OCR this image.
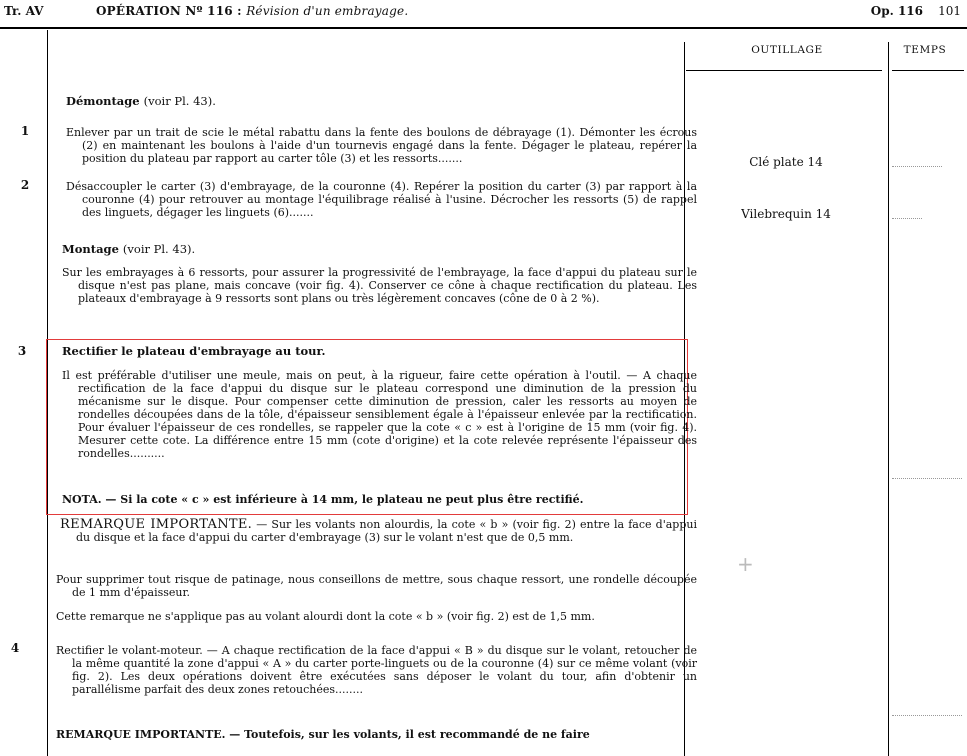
Tr. AV	OPÉRATION Nº 116 : Révision d'un embrayage.	Op. 116 101
OUTILLAGE	TEMPS
Démontage (voir Pl. 43).
1	Enlever par un trait de scie le métal rabattu dans la fente des boulons de débrayage (1). Démonter les écrous (2) en maintenant les boulons à l'aide d'un tournevis engagé dans la fente. Dégager le plateau, repérer la position du plateau par rapport au carter tôle (3) et les ressorts.......	Clé plate 14
2	Désaccoupler le carter (3) d'embrayage, de la couronne (4). Repérer la position du carter (3) par rapport à la couronne (4) pour retrouver au montage l'équilibrage réalisé à l'usine. Décrocher les ressorts (5) de rappel des linguets, dégager les linguets (6).......	Vilebrequin 14
Montage (voir Pl. 43).
Sur les embrayages à 6 ressorts, pour assurer la progressivité de l'embrayage, la face d'appui du plateau sur le disque n'est pas plane, mais concave (voir fig. 4). Conserver ce cône à chaque rectification du plateau. Les plateaux d'embrayage à 9 ressorts sont plans ou très légèrement concaves (cône de 0 à 2 %).
3	Rectifier le plateau d'embrayage au tour.
Il est préférable d'utiliser une meule, mais on peut, à la rigueur, faire cette opération à l'outil. — A chaque rectification de la face d'appui du disque sur le plateau correspond une diminution de la pression du mécanisme sur le disque. Pour compenser cette diminution de pression, caler les ressorts au moyen de rondelles découpées dans de la tôle, d'épaisseur sensiblement égale à l'épaisseur enlevée par la rectification. Pour évaluer l'épaisseur de ces rondelles, se rappeler que la cote « c » est à l'origine de 15 mm (voir fig. 4). Mesurer cette cote. La différence entre 15 mm (cote d'origine) et la cote relevée représente l'épaisseur des rondelles..........
NOTA. — Si la cote « c » est inférieure à 14 mm, le plateau ne peut plus être rectifié.
REMARQUE IMPORTANTE. — Sur les volants non alourdis, la cote « b » (voir fig. 2) entre la face d'appui du disque et la face d'appui du carter d'embrayage (3) sur le volant n'est que de 0,5 mm.
Pour supprimer tout risque de patinage, nous conseillons de mettre, sous chaque ressort, une rondelle découpée de 1 mm d'épaisseur.
Cette remarque ne s'applique pas au volant alourdi dont la cote « b » (voir fig. 2) est de 1,5 mm.
+
4	Rectifier le volant-moteur. — A chaque rectification de la face d'appui « B » du disque sur le volant, retoucher de la même quantité la zone d'appui « A » du carter porte-linguets ou de la couronne (4) sur ce même volant (voir fig. 2). Les deux opérations doivent être exécutées sans déposer le volant du tour, afin d'obtenir un parallélisme parfait des deux zones retouchées........
REMARQUE IMPORTANTE. — Toutefois, sur les volants, il est recommandé de ne faire
